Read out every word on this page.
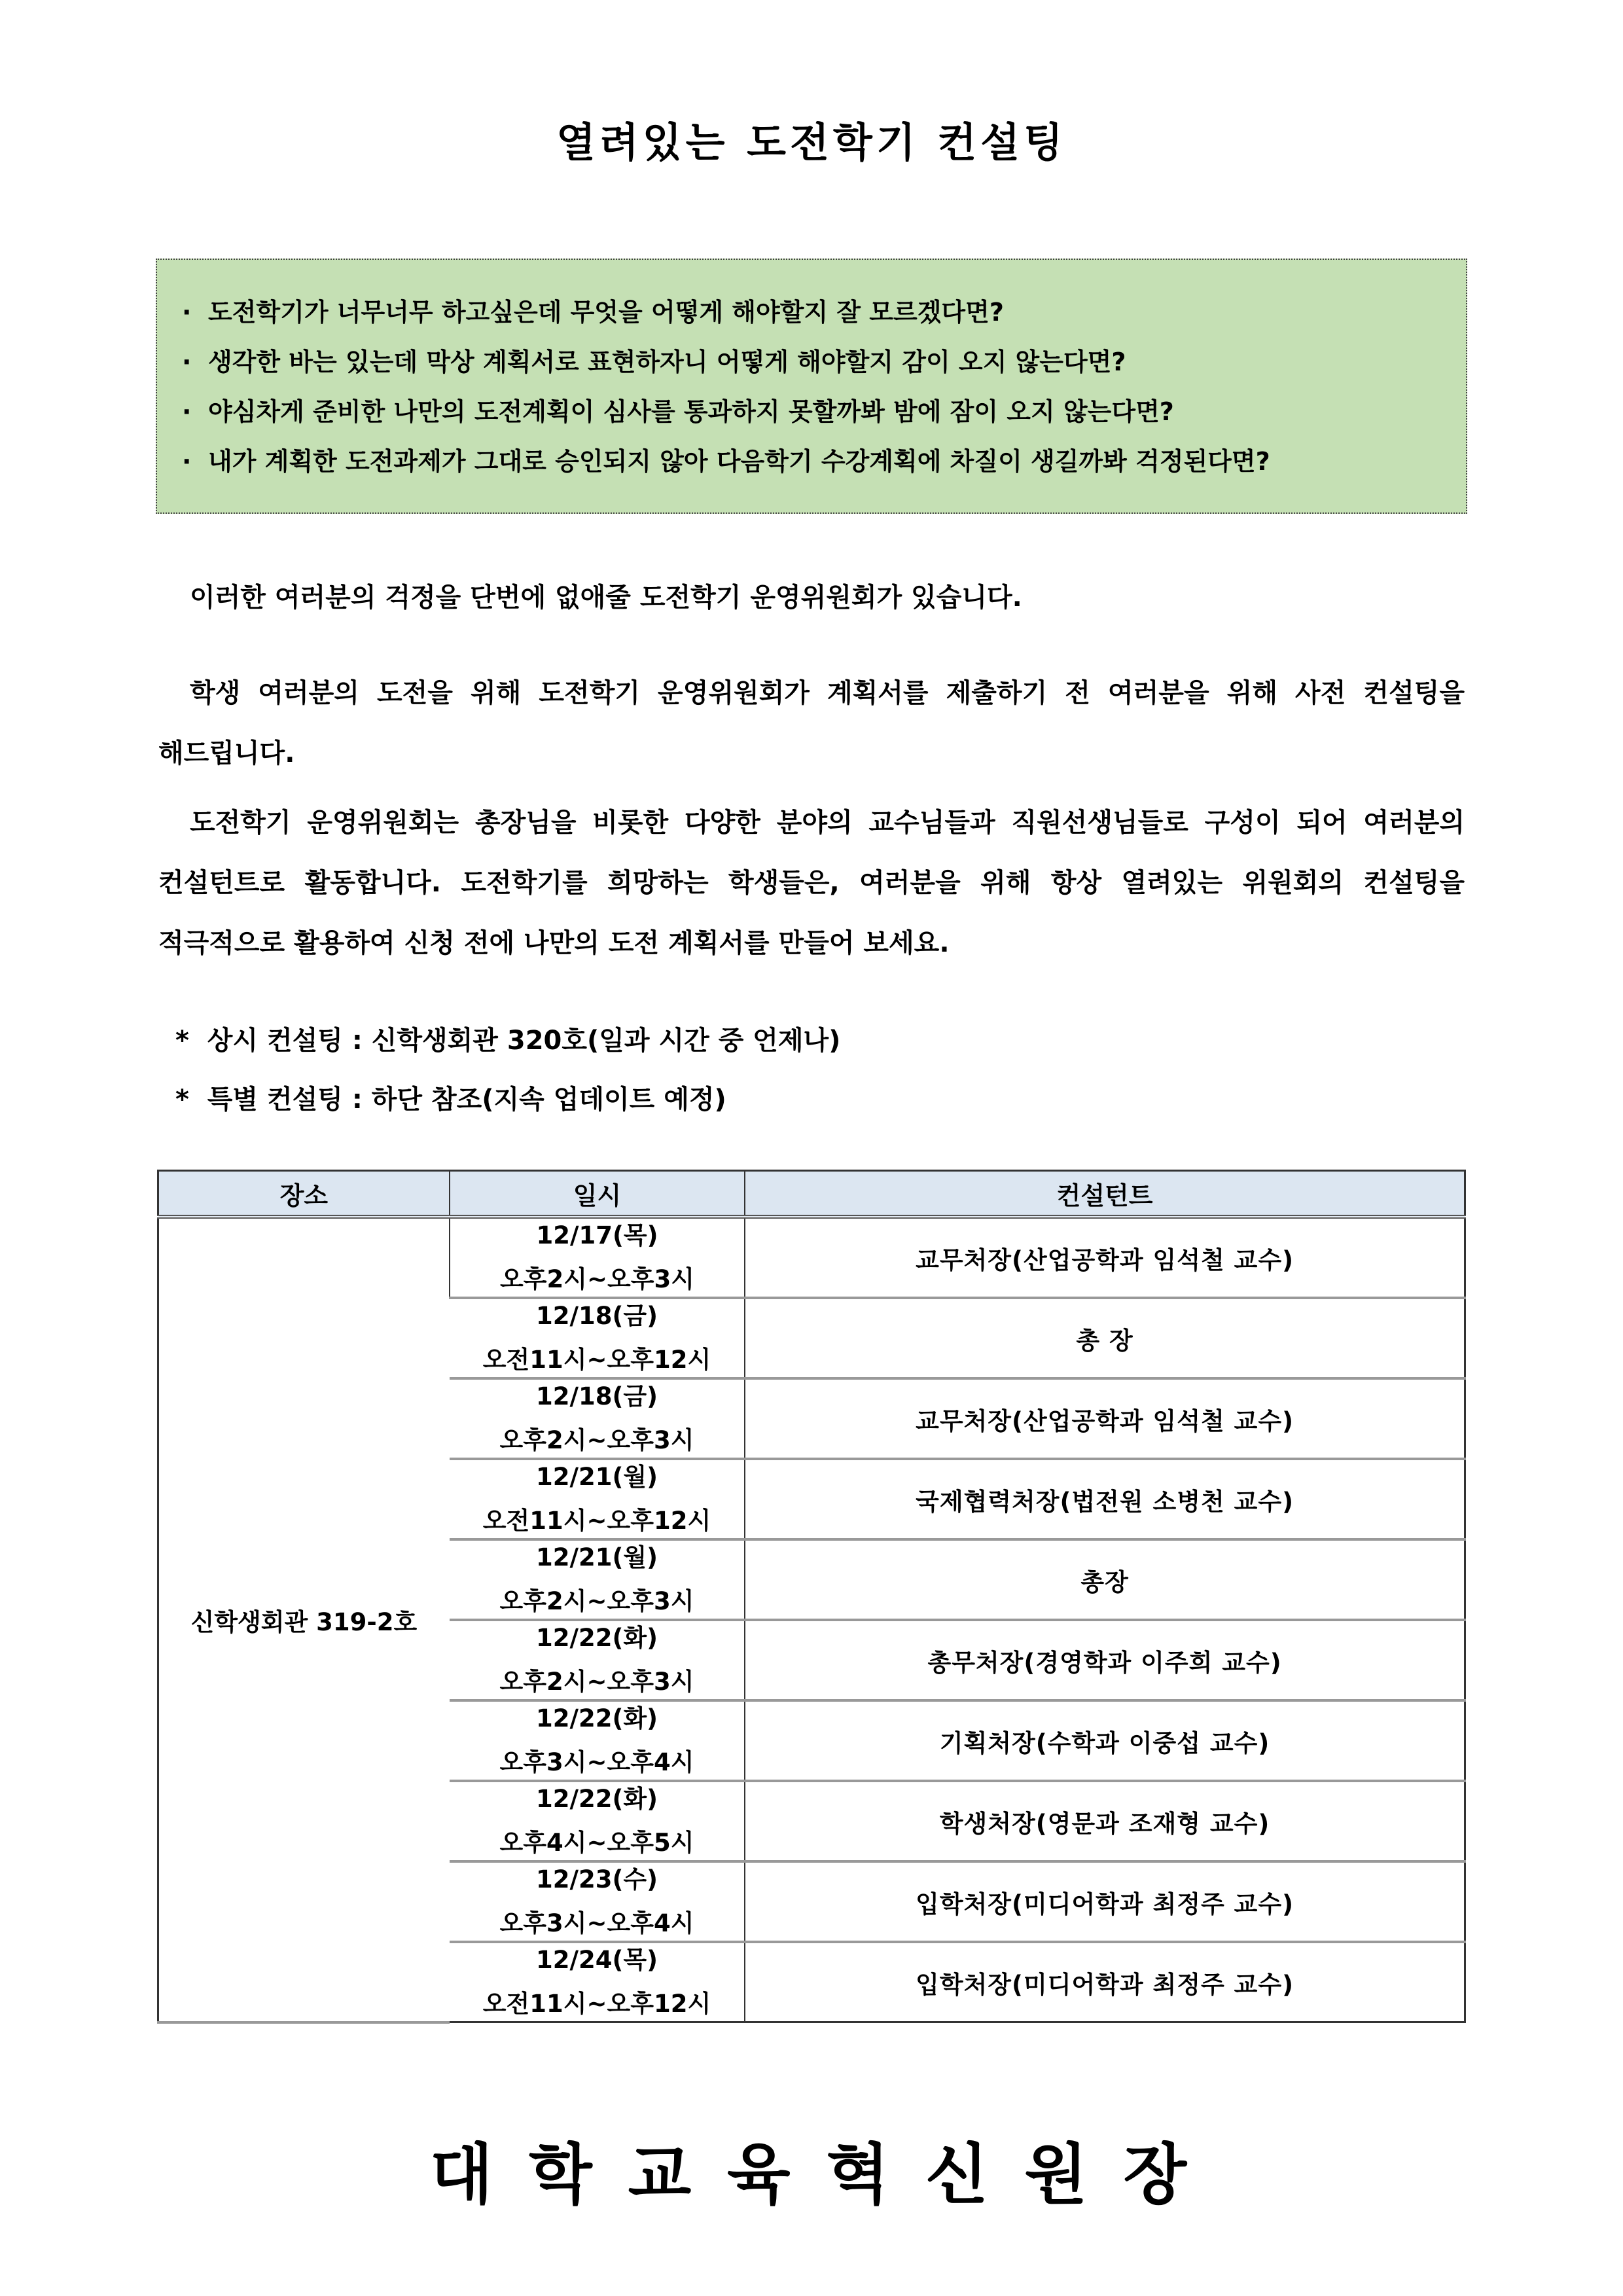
열려있는 도전학기 컨설팅
· 도전학기가 너무너무 하고싶은데 무엇을 어떻게 해야할지 잘 모르겠다면?
· 생각한 바는 있는데 막상 계획서로 표현하자니 어떻게 해야할지 감이 오지 않는다면?
· 야심차게 준비한 나만의 도전계획이 심사를 통과하지 못할까봐 밤에 잠이 오지 않는다면?
· 내가 계획한 도전과제가 그대로 승인되지 않아 다음학기 수강계획에 차질이 생길까봐 걱정된다면?

이러한 여러분의 걱정을 단번에 없애줄 도전학기 운영위원회가 있습니다.

학생 여러분의 도전을 위해 도전학기 운영위원회가 계획서를 제출하기 전 여러분을 위해 사전 컨설팅을 해드립니다.

도전학기 운영위원회는 총장님을 비롯한 다양한 분야의 교수님들과 직원선생님들로 구성이 되어 여러분의 컨설턴트로 활동합니다. 도전학기를 희망하는 학생들은, 여러분을 위해 항상 열려있는 위원회의 컨설팅을 적극적으로 활용하여 신청 전에 나만의 도전 계획서를 만들어 보세요.

*  상시 컨설팅 : 신학생회관 320호(일과 시간 중 언제나)
*  특별 컨설팅 : 하단 참조(지속 업데이트 예정)
장소	일시	컨설턴트
신학생회관 319-2호	12/17(목)
오후2시~오후3시	교무처장(산업공학과 임석철 교수)

	12/18(금)
오전11시~오후12시	총 장

	12/18(금)
오후2시~오후3시	교무처장(산업공학과 임석철 교수)

	12/21(월)
오전11시~오후12시	국제협력처장(법전원 소병천 교수)

	12/21(월)
오후2시~오후3시	총장

	12/22(화)
오후2시~오후3시	총무처장(경영학과 이주희 교수)

	12/22(화)
오후3시~오후4시	기획처장(수학과 이중섭 교수)

	12/22(화)
오후4시~오후5시	학생처장(영문과 조재형 교수)

	12/23(수)
오후3시~오후4시	입학처장(미디어학과 최정주 교수)

	12/24(목)
오전11시~오후12시	입학처장(미디어학과 최정주 교수)
대 학 교 육 혁 신 원 장
